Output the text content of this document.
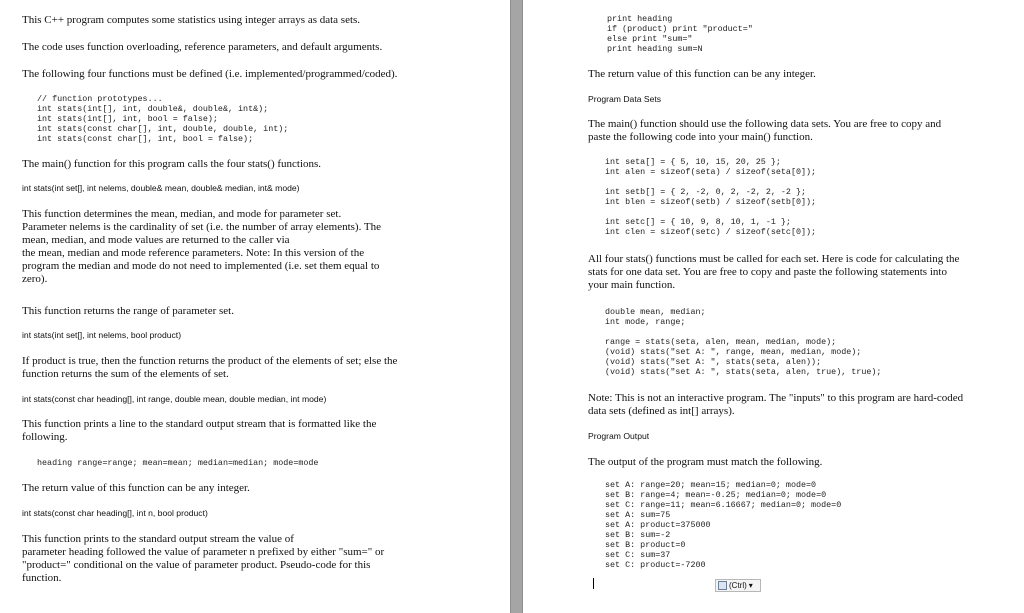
This C++ program computes some statistics using integer arrays as data sets.
The code uses function overloading, reference parameters, and default arguments.
The following four functions must be defined (i.e. implemented/programmed/coded).
// function prototypes...
int stats(int[], int, double&, double&, int&);
int stats(int[], int, bool = false);
int stats(const char[], int, double, double, int);
int stats(const char[], int, bool = false);
The main() function for this program calls the four stats() functions.
int stats(int set[], int nelems, double& mean, double& median, int& mode)
This function determines the mean, median, and mode for parameter set.
Parameter nelems is the cardinality of set (i.e. the number of array elements). The
mean, median, and mode values are returned to the caller via
the mean, median and mode reference parameters. Note: In this version of the
program the median and mode do not need to implemented (i.e. set them equal to
zero).
This function returns the range of parameter set.
int stats(int set[], int nelems, bool product)
If product is true, then the function returns the product of the elements of set; else the
function returns the sum of the elements of set.
int stats(const char heading[], int range, double mean, double median, int mode)
This function prints a line to the standard output stream that is formatted like the
following.
heading range=range; mean=mean; median=median; mode=mode
The return value of this function can be any integer.
int stats(const char heading[], int n, bool product)
This function prints to the standard output stream the value of
parameter heading followed the value of parameter n prefixed by either "sum=" or
"product=" conditional on the value of parameter product. Pseudo-code for this
function.
print heading
if (product) print "product="
else print "sum="
print heading sum=N
The return value of this function can be any integer.
Program Data Sets
The main() function should use the following data sets. You are free to copy and
paste the following code into your main() function.
int seta[] = { 5, 10, 15, 20, 25 };
int alen = sizeof(seta) / sizeof(seta[0]);
int setb[] = { 2, -2, 0, 2, -2, 2, -2 };
int blen = sizeof(setb) / sizeof(setb[0]);
int setc[] = { 10, 9, 8, 10, 1, -1 };
int clen = sizeof(setc) / sizeof(setc[0]);
All four stats() functions must be called for each set. Here is code for calculating the
stats for one data set. You are free to copy and paste the following statements into
your main function.
double mean, median;
int mode, range;
range = stats(seta, alen, mean, median, mode);
(void) stats("set A: ", range, mean, median, mode);
(void) stats("set A: ", stats(seta, alen));
(void) stats("set A: ", stats(seta, alen, true), true);
Note: This is not an interactive program. The "inputs" to this program are hard-coded
data sets (defined as int[] arrays).
Program Output
The output of the program must match the following.
set A: range=20; mean=15; median=0; mode=0
set B: range=4; mean=-0.25; median=0; mode=0
set C: range=11; mean=6.16667; median=0; mode=0
set A: sum=75
set A: product=375000
set B: sum=-2
set B: product=0
set C: sum=37
set C: product=-7200
(Ctrl) ▾
